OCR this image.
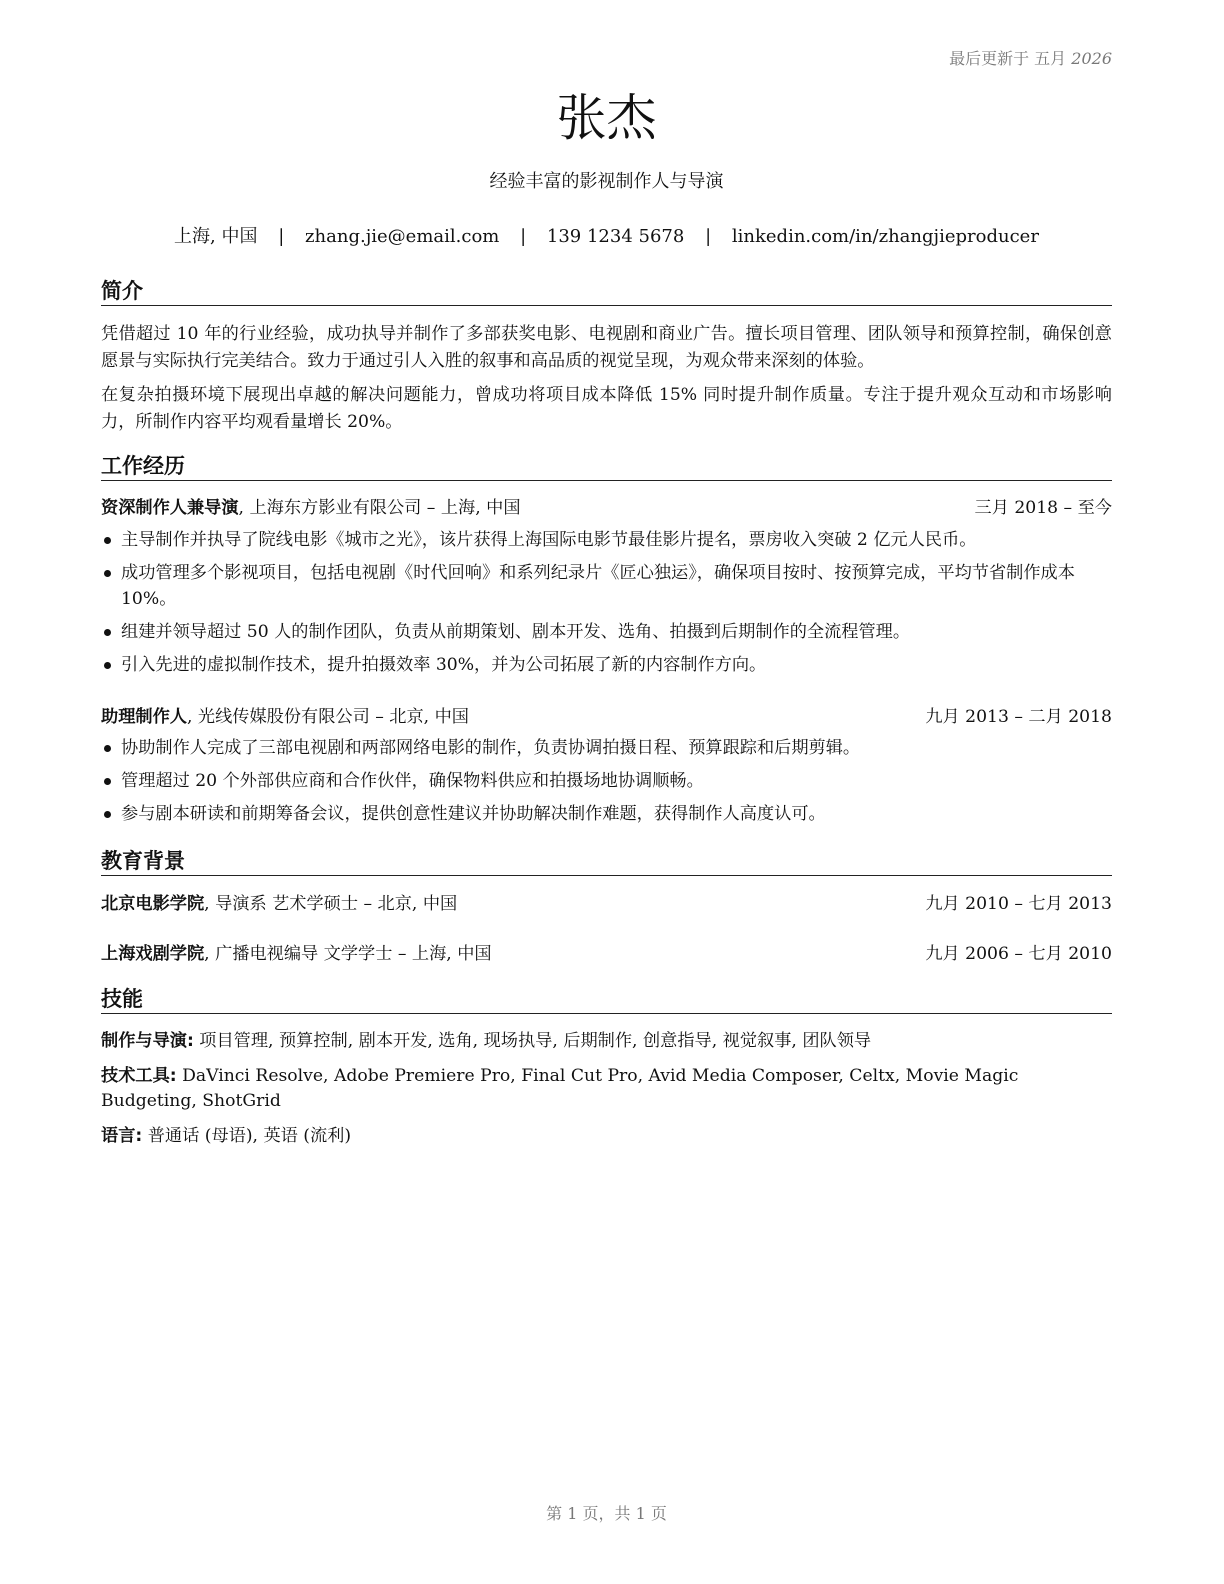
最后更新于 五月 2026
张杰
经验丰富的影视制作人与导演
上海, 中国 | zhang.jie@email.com | 139 1234 5678 | linkedin.com/in/zhangjieproducer
简介
凭借超过 10 年的行业经验，成功执导并制作了多部获奖电影、电视剧和商业广告。擅长项目管理、团队领导和预算控制，确保创意愿景与实际执行完美结合。致力于通过引人入胜的叙事和高品质的视觉呈现，为观众带来深刻的体验。
在复杂拍摄环境下展现出卓越的解决问题能力，曾成功将项目成本降低 15% 同时提升制作质量。专注于提升观众互动和市场影响力，所制作内容平均观看量增长 20%。
工作经历
资深制作人兼导演, 上海东方影业有限公司 – 上海, 中国	三月 2018 – 至今
主导制作并执导了院线电影《城市之光》，该片获得上海国际电影节最佳影片提名，票房收入突破 2 亿元人民币。
成功管理多个影视项目，包括电视剧《时代回响》和系列纪录片《匠心独运》，确保项目按时、按预算完成，平均节省制作成本 10%。
组建并领导超过 50 人的制作团队，负责从前期策划、剧本开发、选角、拍摄到后期制作的全流程管理。
引入先进的虚拟制作技术，提升拍摄效率 30%，并为公司拓展了新的内容制作方向。
助理制作人, 光线传媒股份有限公司 – 北京, 中国	九月 2013 – 二月 2018
协助制作人完成了三部电视剧和两部网络电影的制作，负责协调拍摄日程、预算跟踪和后期剪辑。
管理超过 20 个外部供应商和合作伙伴，确保物料供应和拍摄场地协调顺畅。
参与剧本研读和前期筹备会议，提供创意性建议并协助解决制作难题，获得制作人高度认可。
教育背景
北京电影学院, 导演系 艺术学硕士 – 北京, 中国	九月 2010 – 七月 2013
上海戏剧学院, 广播电视编导 文学学士 – 上海, 中国	九月 2006 – 七月 2010
技能
制作与导演: 项目管理, 预算控制, 剧本开发, 选角, 现场执导, 后期制作, 创意指导, 视觉叙事, 团队领导
技术工具: DaVinci Resolve, Adobe Premiere Pro, Final Cut Pro, Avid Media Composer, Celtx, Movie Magic Budgeting, ShotGrid
语言: 普通话 (母语), 英语 (流利)
第 1 页，共 1 页
